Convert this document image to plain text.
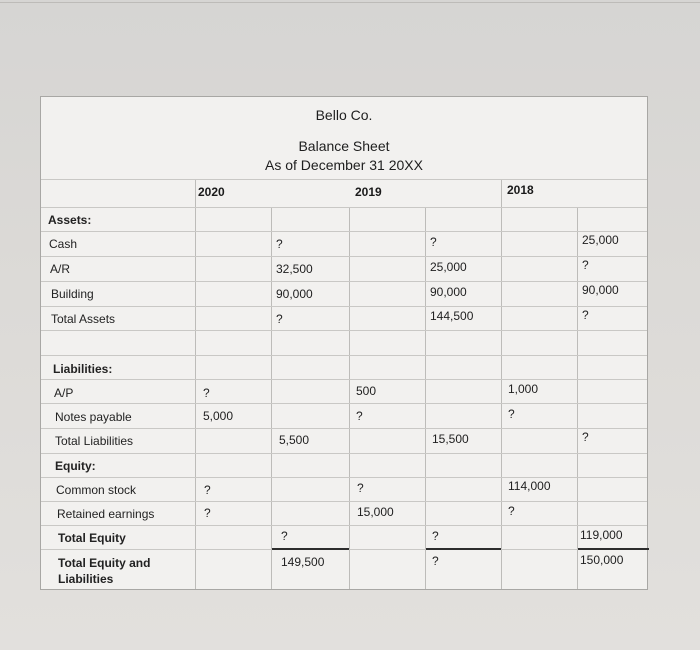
Bello Co.
Balance Sheet
As of December 31 20XX
2020	2019	2018
Assets:
Cash	?	?	25,000
A/R	32,500	25,000	?
Building	90,000	90,000	90,000
Total Assets	?	144,500	?
Liabilities:
A/P	?	500	1,000
Notes payable	5,000	?	?
Total Liabilities	5,500	15,500	?
Equity:
Common stock	?	?	114,000
Retained earnings	?	15,000	?
Total Equity	?	?	119,000
Total Equity and
Liabilities
149,500	?	150,000
